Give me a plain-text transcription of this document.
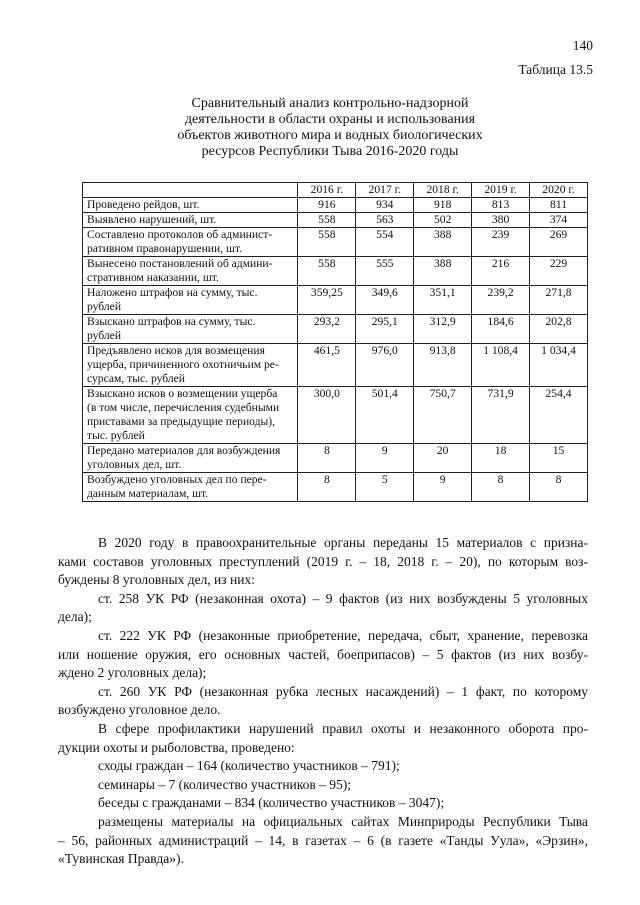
140
Таблица 13.5
Сравнительный анализ контрольно-надзорной
деятельности в области охраны и использования
объектов животного мира и водных биологических
ресурсов Республики Тыва 2016-2020 годы
	2016 г.	2017 г.	2018 г.	2019 г.	2020 г.

Проведено рейдов, шт.	916	934	918	813	811

Выявлено нарушений, шт.	558	563	502	380	374

Составлено протоколов об админист-
ративном правонарушении, шт.	558	554	388	239	269

Вынесено постановлений об админи-
стративном наказании, шт.	558	555	388	216	229

Наложено штрафов на сумму, тыс.
рублей	359,25	349,6	351,1	239,2	271,8

Взыскано штрафов на сумму, тыс.
рублей	293,2	295,1	312,9	184,6	202,8

Предъявлено исков для возмещения
ущерба, причиненного охотничьим ре-
сурсам, тыс. рублей	461,5	976,0	913,8	1 108,4	1 034,4

Взыскано исков о возмещении ущерба
(в том числе, перечисления судебными
приставами за предыдущие периоды),
тыс. рублей	300,0	501,4	750,7	731,9	254,4

Передано материалов для возбуждения
уголовных дел, шт.	8	9	20	18	15

Возбуждено уголовных дел по пере-
данным материалам, шт.	8	5	9	8	8

В 2020 году в правоохранительные органы переданы 15 материалов с призна-

ками составов уголовных преступлений (2019 г. – 18, 2018 г. – 20), по которым воз-

буждены 8 уголовных дел, из них:

ст. 258 УК РФ (незаконная охота) – 9 фактов (из них возбуждены 5 уголовных

дела);

ст. 222 УК РФ (незаконные приобретение, передача, сбыт, хранение, перевозка

или ношение оружия, его основных частей, боеприпасов) – 5 фактов (из них возбу-

ждено 2 уголовных дела);

ст. 260 УК РФ (незаконная рубка лесных насаждений) – 1 факт, по которому

возбуждено уголовное дело.

В сфере профилактики нарушений правил охоты и незаконного оборота про-

дукции охоты и рыболовства, проведено:

сходы граждан – 164 (количество участников – 791);

семинары – 7 (количество участников – 95);

беседы с гражданами – 834 (количество участников – 3047);

размещены материалы на официальных сайтах Минприроды Республики Тыва

– 56, районных администраций – 14, в газетах – 6 (в газете «Танды Уула», «Эрзин»,

«Тувинская Правда»).
